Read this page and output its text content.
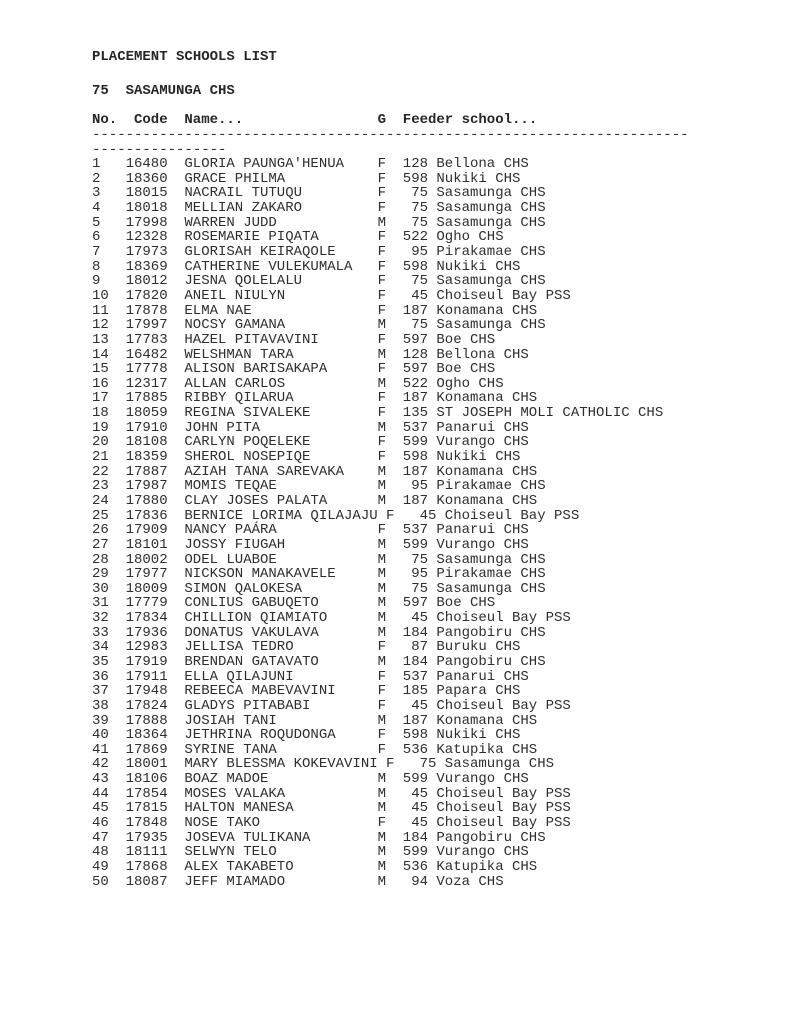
PLACEMENT SCHOOLS LIST
75	SASAMUNGA CHS
No.	Code Name...	G Feeder school...
-----------------------------------------------------------------------
----------------
1	16480 GLORIA PAUNGA'HENUA	F 128 Bellona CHS
2	18360 GRACE PHILMA	F 598 Nukiki CHS
3	18015 NACRAIL TUTUQU	F	75 Sasamunga CHS
4	18018 MELLIAN ZAKARO	F	75 Sasamunga CHS
5	17998 WARREN JUDD	M	75 Sasamunga CHS
6	12328 ROSEMARIE PIQATA	F 522 Ogho CHS
7	17973 GLORISAH KEIRAQOLE	F	95 Pirakamae CHS
8	18369 CATHERINE VULEKUMALA	F 598 Nukiki CHS
9	18012 JESNA QOLELALU	F	75 Sasamunga CHS
10	17820 ANEIL NIULYN	F	45 Choiseul Bay PSS
11	17878 ELMA NAE	F 187 Konamana CHS
12	17997 NOCSY GAMANA	M	75 Sasamunga CHS
13	17783 HAZEL PITAVAVINI	F 597 Boe CHS
14	16482 WELSHMAN TARA	M 128 Bellona CHS
15	17778 ALISON BARISAKAPA	F 597 Boe CHS
16	12317 ALLAN CARLOS	M 522 Ogho CHS
17	17885 RIBBY QILARUA	F 187 Konamana CHS
18	18059 REGINA SIVALEKE	F 135 ST JOSEPH MOLI CATHOLIC CHS
19	17910 JOHN PITA	M 537 Panarui CHS
20	18108 CARLYN POQELEKE	F 599 Vurango CHS
21	18359 SHEROL NOSEPIQE	F 598 Nukiki CHS
22	17887 AZIAH TANA SAREVAKA	M 187 Konamana CHS
23	17987 MOMIS TEQAE	M	95 Pirakamae CHS
24	17880 CLAY JOSES PALATA	M 187 Konamana CHS
25	17836 BERNICE LORIMA QILAJAJU F	45 Choiseul Bay PSS
26	17909 NANCY PAÁRA	F 537 Panarui CHS
27	18101 JOSSY FIUGAH	M 599 Vurango CHS
28	18002 ODEL LUABOE	M	75 Sasamunga CHS
29	17977 NICKSON MANAKAVELE	M	95 Pirakamae CHS
30	18009 SIMON QALOKESA	M	75 Sasamunga CHS
31	17779 CONLIUS GABUQETO	M 597 Boe CHS
32	17834 CHILLION QIAMIATO	M	45 Choiseul Bay PSS
33	17936 DONATUS VAKULAVA	M 184 Pangobiru CHS
34	12983 JELLISA TEDRO	F	87 Buruku CHS
35	17919 BRENDAN GATAVATO	M 184 Pangobiru CHS
36	17911 ELLA QILAJUNI	F 537 Panarui CHS
37	17948 REBEECA MABEVAVINI	F 185 Papara CHS
38	17824 GLADYS PITABABI	F	45 Choiseul Bay PSS
39	17888 JOSIAH TANI	M 187 Konamana CHS
40	18364 JETHRINA ROQUDONGA	F 598 Nukiki CHS
41	17869 SYRINE TANA	F 536 Katupika CHS
42	18001 MARY BLESSMA KOKEVAVINI F	75 Sasamunga CHS
43	18106 BOAZ MADOE	M 599 Vurango CHS
44	17854 MOSES VALAKA	M	45 Choiseul Bay PSS
45	17815 HALTON MANESA	M	45 Choiseul Bay PSS
46	17848 NOSE TAKO	F	45 Choiseul Bay PSS
47	17935 JOSEVA TULIKANA	M 184 Pangobiru CHS
48	18111 SELWYN TELO	M 599 Vurango CHS
49	17868 ALEX TAKABETO	M 536 Katupika CHS
50	18087 JEFF MIAMADO	M	94 Voza CHS
